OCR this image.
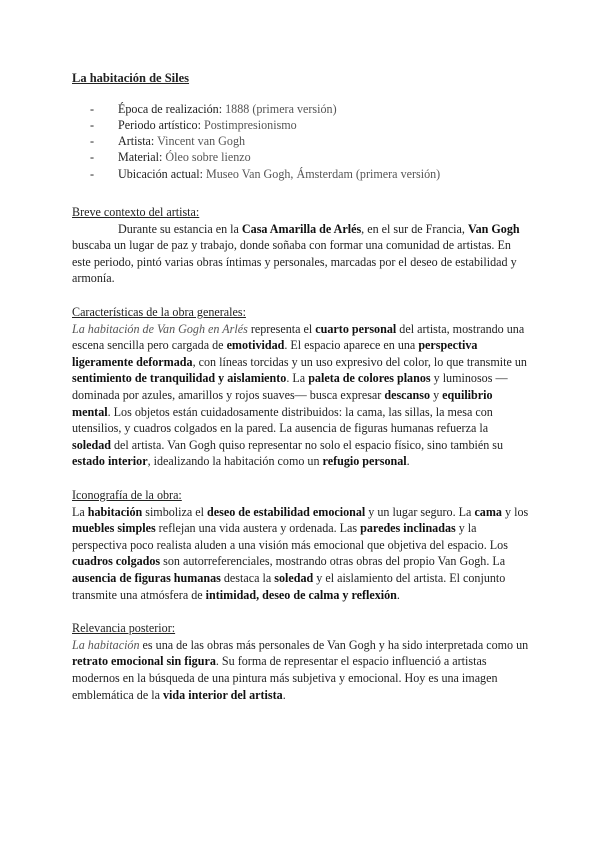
La habitación de Siles
- Época de realización: 1888 (primera versión)
- Periodo artístico: Postimpresionismo
- Artista: Vincent van Gogh
- Material: Óleo sobre lienzo
- Ubicación actual: Museo Van Gogh, Ámsterdam (primera versión)
Breve contexto del artista:

Durante su estancia en la Casa Amarilla de Arlés, en el sur de Francia, Van Gogh buscaba un lugar de paz y trabajo, donde soñaba con formar una comunidad de artistas. En este periodo, pintó varias obras íntimas y personales, marcadas por el deseo de estabilidad y armonía.

Características de la obra generales:

La habitación de Van Gogh en Arlés representa el cuarto personal del artista, mostrando una escena sencilla pero cargada de emotividad. El espacio aparece en una perspectiva ligeramente deformada, con líneas torcidas y un uso expresivo del color, lo que transmite un sentimiento de tranquilidad y aislamiento. La paleta de colores planos y luminosos —dominada por azules, amarillos y rojos suaves— busca expresar descanso y equilibrio mental. Los objetos están cuidadosamente distribuidos: la cama, las sillas, la mesa con utensilios, y cuadros colgados en la pared. La ausencia de figuras humanas refuerza la soledad del artista. Van Gogh quiso representar no solo el espacio físico, sino también su estado interior, idealizando la habitación como un refugio personal.

Iconografía de la obra:

La habitación simboliza el deseo de estabilidad emocional y un lugar seguro. La cama y los muebles simples reflejan una vida austera y ordenada. Las paredes inclinadas y la perspectiva poco realista aluden a una visión más emocional que objetiva del espacio. Los cuadros colgados son autorreferenciales, mostrando otras obras del propio Van Gogh. La ausencia de figuras humanas destaca la soledad y el aislamiento del artista. El conjunto transmite una atmósfera de intimidad, deseo de calma y reflexión.

Relevancia posterior:

La habitación es una de las obras más personales de Van Gogh y ha sido interpretada como un retrato emocional sin figura. Su forma de representar el espacio influenció a artistas modernos en la búsqueda de una pintura más subjetiva y emocional. Hoy es una imagen emblemática de la vida interior del artista.
